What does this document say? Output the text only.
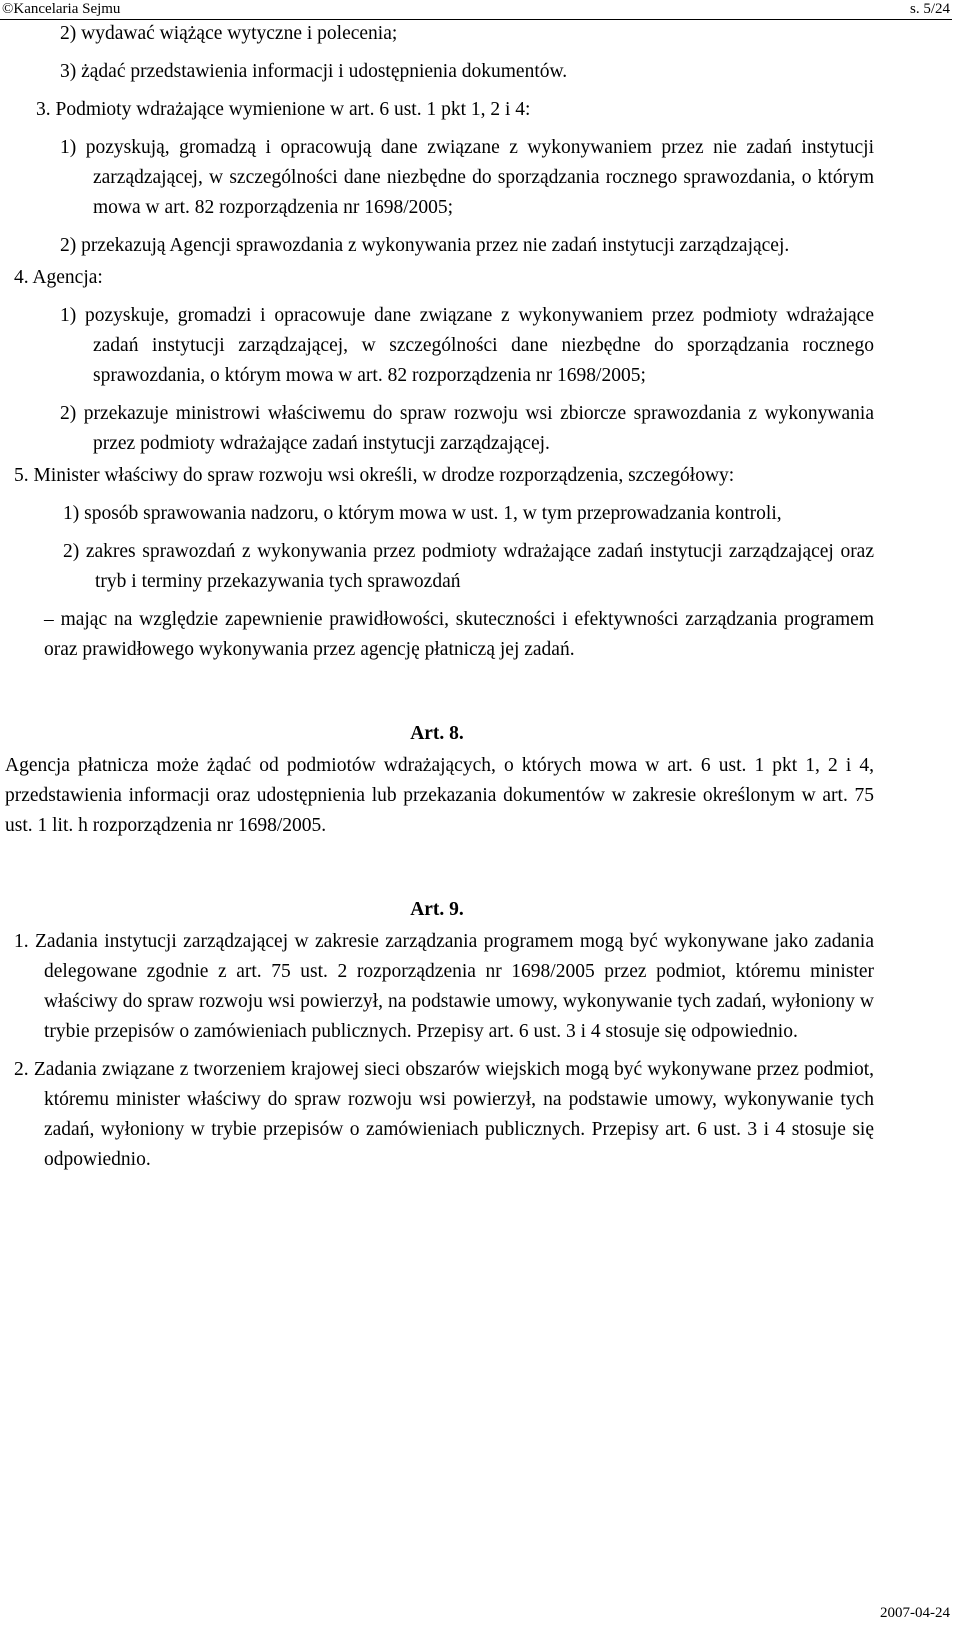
©Kancelaria Sejmu	s. 5/24

2) wydawać wiążące wytyczne i polecenia;

3) żądać przedstawienia informacji i udostępnienia dokumentów.

3. Podmioty wdrażające wymienione w art. 6 ust. 1 pkt 1, 2 i 4:

1) pozyskują, gromadzą i opracowują dane związane z wykonywaniem przez nie zadań instytucji zarządzającej, w szczególności dane niezbędne do sporządzania rocznego sprawozdania, o którym mowa w art. 82 rozporządzenia nr 1698/2005;

2) przekazują Agencji sprawozdania z wykonywania przez nie zadań instytucji zarządzającej.

4. Agencja:

1) pozyskuje, gromadzi i opracowuje dane związane z wykonywaniem przez podmioty wdrażające zadań instytucji zarządzającej, w szczególności dane niezbędne do sporządzania rocznego sprawozdania, o którym mowa w art. 82 rozporządzenia nr 1698/2005;

2) przekazuje ministrowi właściwemu do spraw rozwoju wsi zbiorcze sprawozdania z wykonywania przez podmioty wdrażające zadań instytucji zarządzającej.

5. Minister właściwy do spraw rozwoju wsi określi, w drodze rozporządzenia, szczegółowy:

1) sposób sprawowania nadzoru, o którym mowa w ust. 1, w tym przeprowadzania kontroli,

2) zakres sprawozdań z wykonywania przez podmioty wdrażające zadań instytucji zarządzającej oraz tryb i terminy przekazywania tych sprawozdań

– mając na względzie zapewnienie prawidłowości, skuteczności i efektywności zarządzania programem oraz prawidłowego wykonywania przez agencję płatniczą jej zadań.

Art. 8.

Agencja płatnicza może żądać od podmiotów wdrażających, o których mowa w art. 6 ust. 1 pkt 1, 2 i 4, przedstawienia informacji oraz udostępnienia lub przekazania dokumentów w zakresie określonym w art. 75 ust. 1 lit. h rozporządzenia nr 1698/2005.

Art. 9.

1. Zadania instytucji zarządzającej w zakresie zarządzania programem mogą być wykonywane jako zadania delegowane zgodnie z art. 75 ust. 2 rozporządzenia nr 1698/2005 przez podmiot, któremu minister właściwy do spraw rozwoju wsi powierzył, na podstawie umowy, wykonywanie tych zadań, wyłoniony w trybie przepisów o zamówieniach publicznych. Przepisy art. 6 ust. 3 i 4 stosuje się odpowiednio.

2. Zadania związane z tworzeniem krajowej sieci obszarów wiejskich mogą być wykonywane przez podmiot, któremu minister właściwy do spraw rozwoju wsi powierzył, na podstawie umowy, wykonywanie tych zadań, wyłoniony w trybie przepisów o zamówieniach publicznych. Przepisy art. 6 ust. 3 i 4 stosuje się odpowiednio.

2007-04-24
